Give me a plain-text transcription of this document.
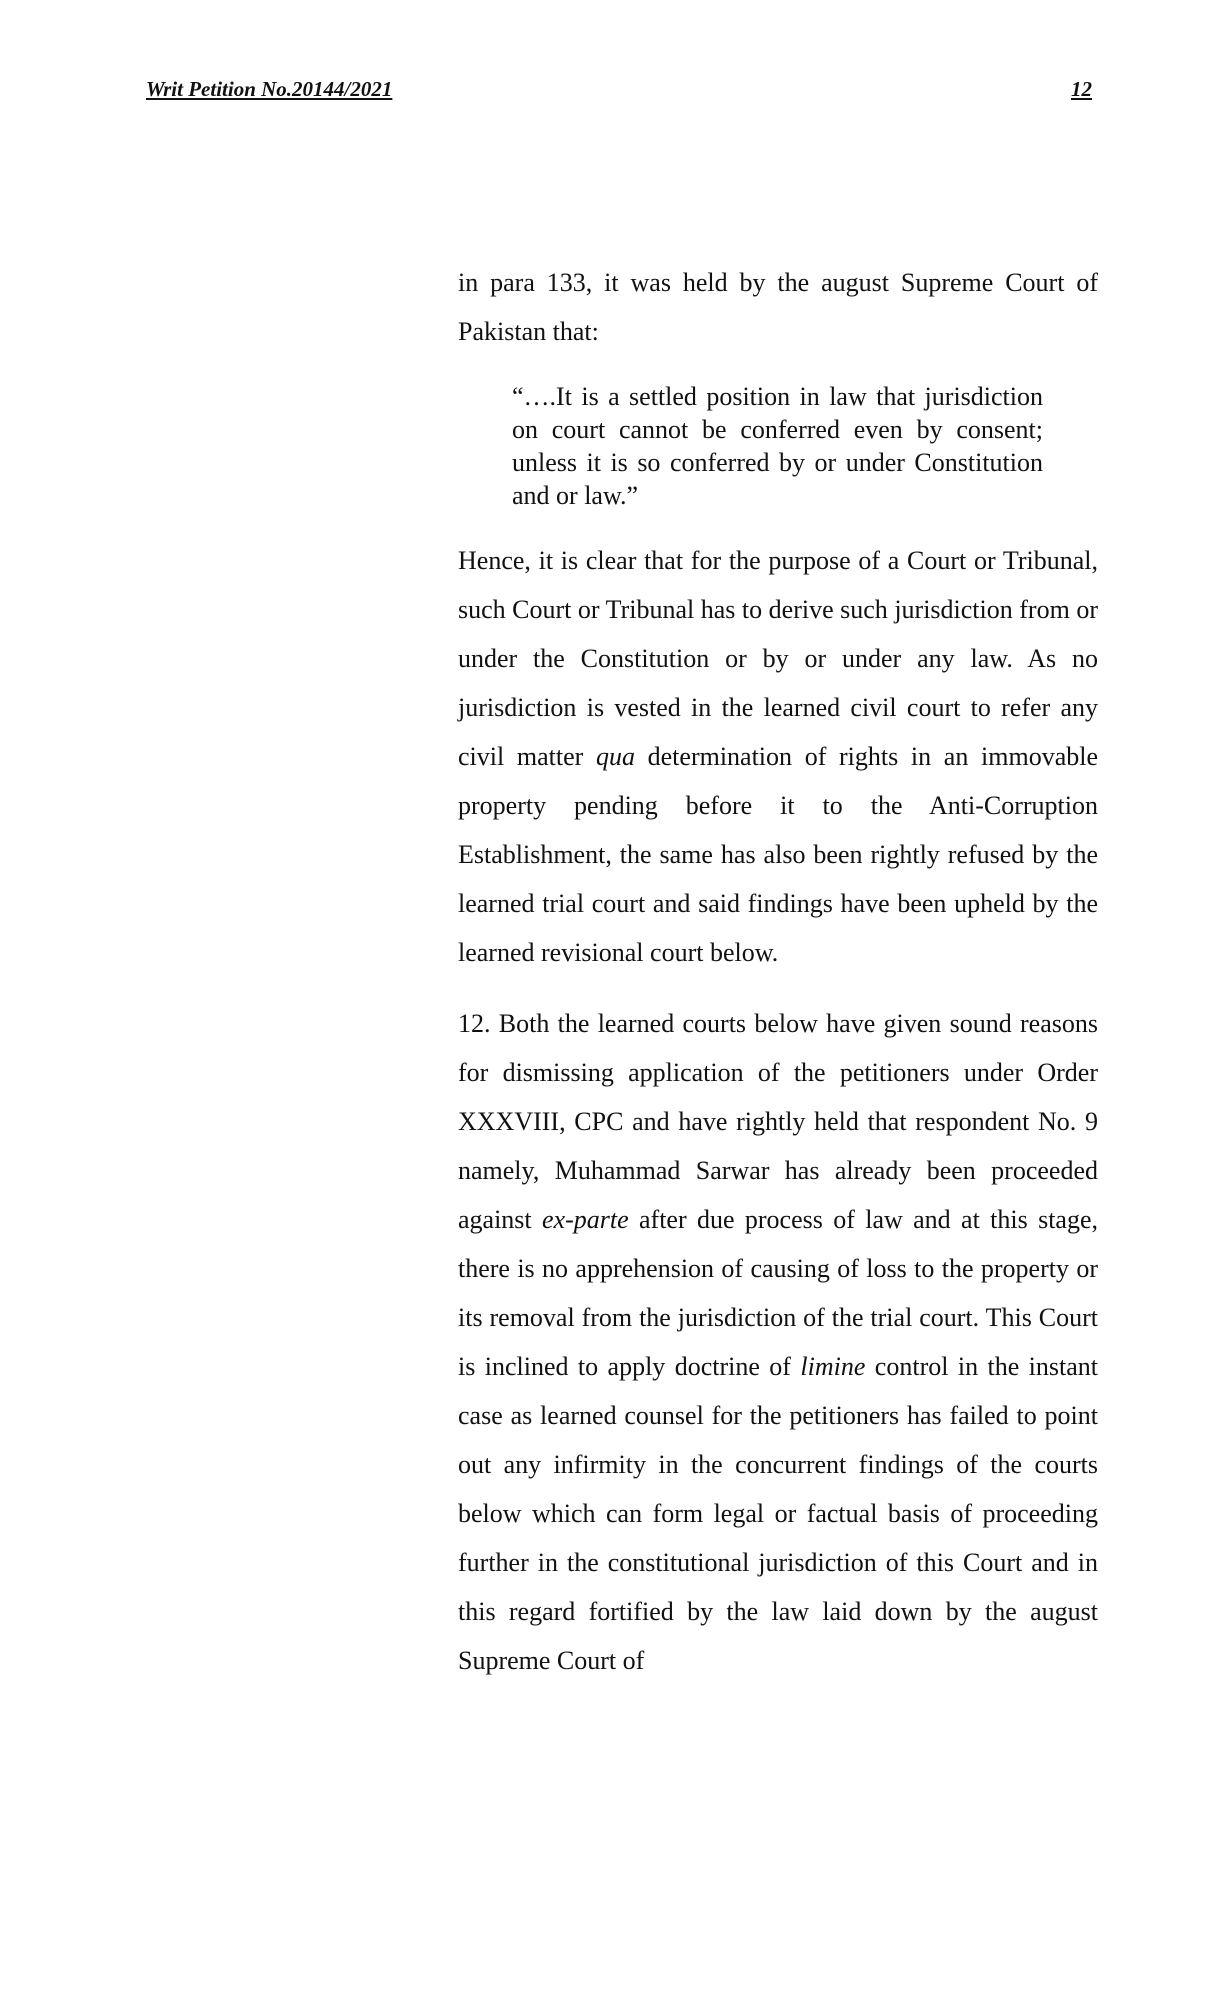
Writ Petition No.20144/2021	12

in para 133, it was held by the august Supreme Court of Pakistan that:

“….It is a settled position in law that jurisdiction on court cannot be conferred even by consent; unless it is so conferred by or under Constitution and or law.”

Hence, it is clear that for the purpose of a Court or Tribunal, such Court or Tribunal has to derive such jurisdiction from or under the Constitution or by or under any law. As no jurisdiction is vested in the learned civil court to refer any civil matter qua determination of rights in an immovable property pending before it to the Anti-Corruption Establishment, the same has also been rightly refused by the learned trial court and said findings have been upheld by the learned revisional court below.

12. Both the learned courts below have given sound reasons for dismissing application of the petitioners under Order XXXVIII, CPC and have rightly held that respondent No. 9 namely, Muhammad Sarwar has already been proceeded against ex-parte after due process of law and at this stage, there is no apprehension of causing of loss to the property or its removal from the jurisdiction of the trial court. This Court is inclined to apply doctrine of limine control in the instant case as learned counsel for the petitioners has failed to point out any infirmity in the concurrent findings of the courts below which can form legal or factual basis of proceeding further in the constitutional jurisdiction of this Court and in this regard fortified by the law laid down by the august Supreme Court of
